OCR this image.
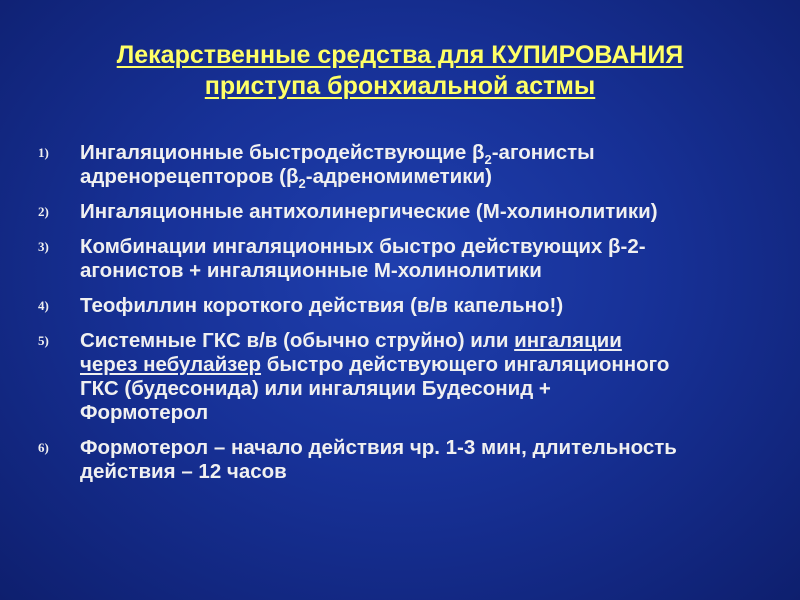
Лекарственные средства для КУПИРОВАНИЯ
приступа бронхиальной астмы
1) Ингаляционные быстродействующие $\beta_2$-агонисты
адренорецепторов $(\beta_2-адреномиметики)$
2) Ингаляционные антихолинергические (М-холинолитики)
3) Комбинации ингаляционных быстро действующих β-2-
агонистов + ингаляционные М-холинолитики
4) Теофиллин короткого действия (в/в капельно!)
5) Системные ГКС в/в (обычно струйно) или ингаляции
через небулайзер быстро действующего ингаляционного
ГКС (будесонида) или ингаляции Будесонид +
Формотерол
6) Формотерол – начало действия чр. 1-3 мин, длительность
действия – 12 часов
